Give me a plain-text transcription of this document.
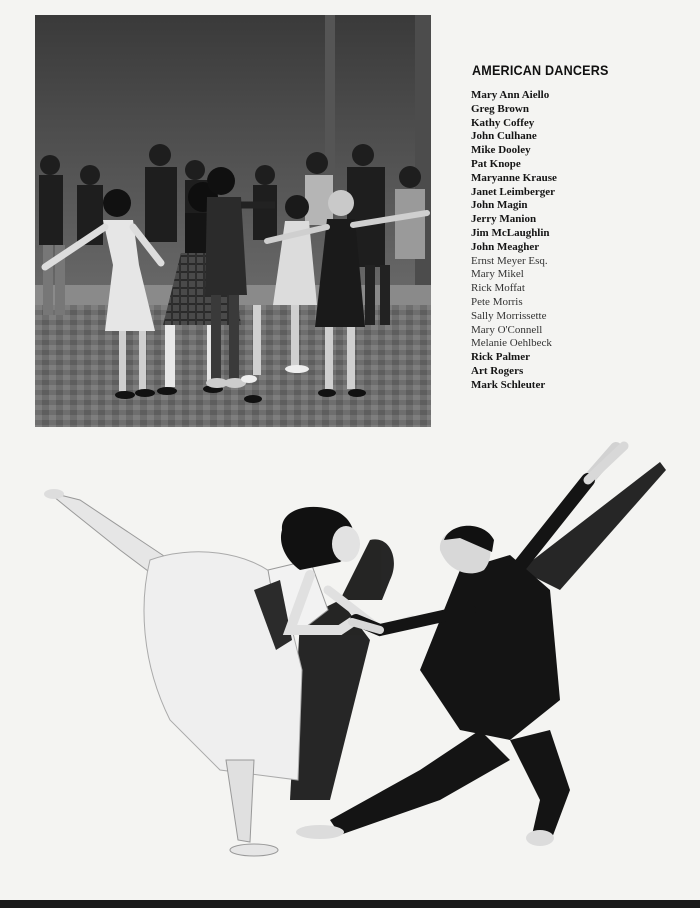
AMERICAN DANCERS
Mary Ann Aiello
Greg Brown
Kathy Coffey
John Culhane
Mike Dooley
Pat Knope
Maryanne Krause
Janet Leimberger
John Magin
Jerry Manion
Jim McLaughlin
John Meagher
Ernst Meyer Esq.
Mary Mikel
Rick Moffat
Pete Morris
Sally Morrissette
Mary O'Connell
Melanie Oehlbeck
Rick Palmer
Art Rogers
Mark Schleuter
